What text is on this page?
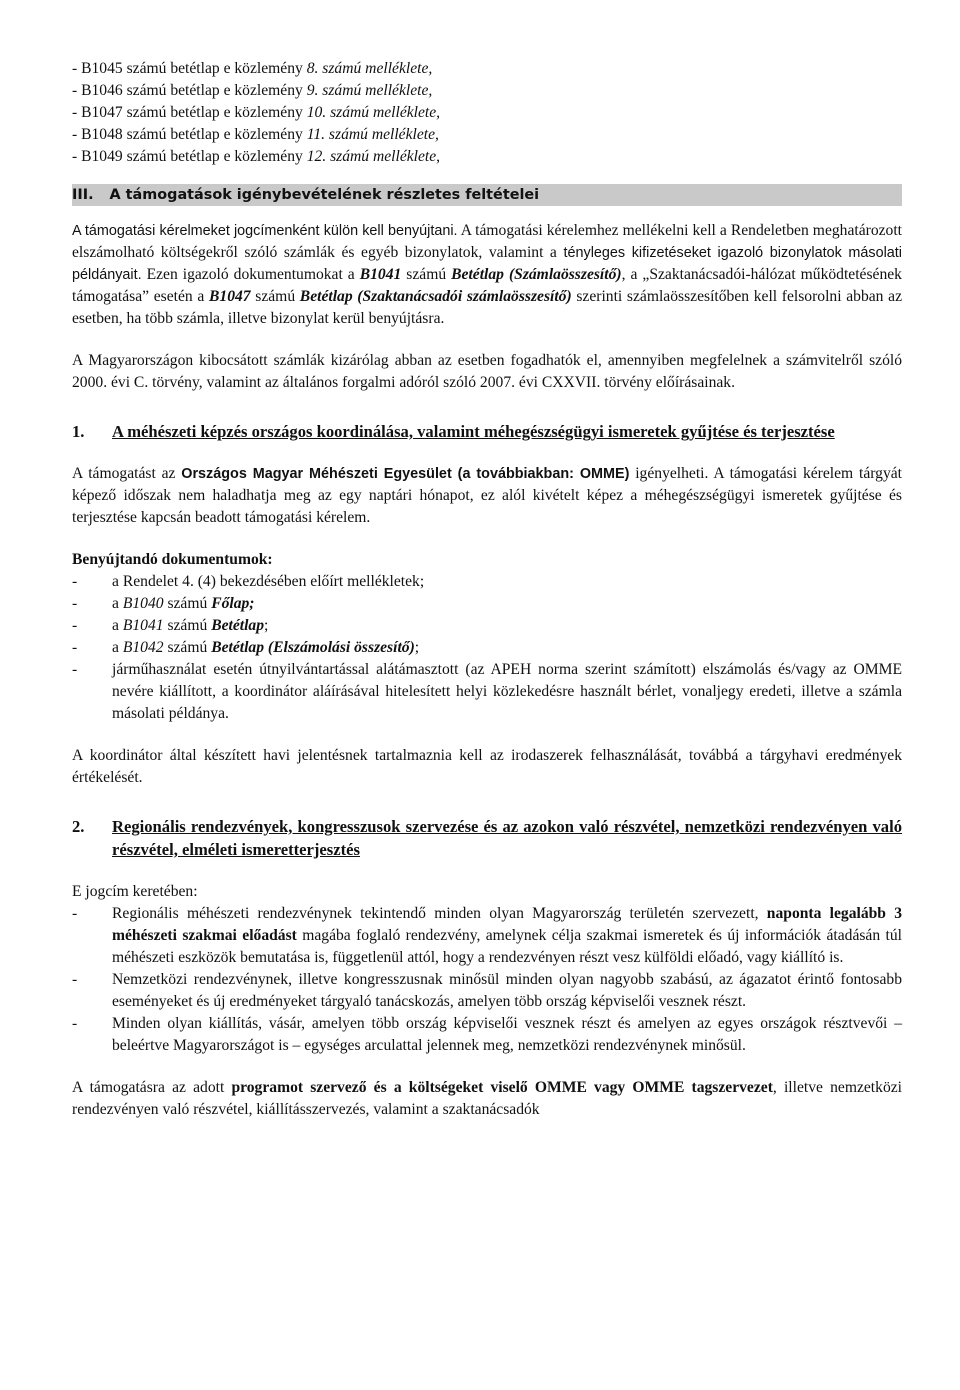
- B1045 számú betétlap e közlemény 8. számú melléklete,
- B1046 számú betétlap e közlemény 9. számú melléklete,
- B1047 számú betétlap e közlemény 10. számú melléklete,
- B1048 számú betétlap e közlemény 11. számú melléklete,
- B1049 számú betétlap e közlemény 12. számú melléklete,
III. A támogatások igénybevételének részletes feltételei

A támogatási kérelmeket jogcímenként külön kell benyújtani. A támogatási kérelemhez mellékelni kell a Rendeletben meghatározott elszámolható költségekről szóló számlák és egyéb bizonylatok, valamint a tényleges kifizetéseket igazoló bizonylatok másolati példányait. Ezen igazoló dokumentumokat a B1041 számú Betétlap (Számlaösszesítő), a „Szaktanácsadói-hálózat működtetésének támogatása” esetén a B1047 számú Betétlap (Szaktanácsadói számlaösszesítő) szerinti számlaösszesítőben kell felsorolni abban az esetben, ha több számla, illetve bizonylat kerül benyújtásra.

A Magyarországon kibocsátott számlák kizárólag abban az esetben fogadhatók el, amennyiben megfelelnek a számvitelről szóló 2000. évi C. törvény, valamint az általános forgalmi adóról szóló 2007. évi CXXVII. törvény előírásainak.

1.	A méhészeti képzés országos koordinálása, valamint méhegészségügyi ismeretek gyűjtése és terjesztése

A támogatást az Országos Magyar Méhészeti Egyesület (a továbbiakban: OMME) igényelheti. A támogatási kérelem tárgyát képező időszak nem haladhatja meg az egy naptári hónapot, ez alól kivételt képez a méhegészségügyi ismeretek gyűjtése és terjesztése kapcsán beadott támogatási kérelem.

Benyújtandó dokumentumok:
-	a Rendelet 4. (4) bekezdésében előírt mellékletek;
-	a B1040 számú Főlap;
-	a B1041 számú Betétlap;
-	a B1042 számú Betétlap (Elszámolási összesítő);
-	járműhasználat esetén útnyilvántartással alátámasztott (az APEH norma szerint számított) elszámolás és/vagy az OMME nevére kiállított, a koordinátor aláírásával hitelesített helyi közlekedésre használt bérlet, vonaljegy eredeti, illetve a számla másolati példánya.

A koordinátor által készített havi jelentésnek tartalmaznia kell az irodaszerek felhasználását, továbbá a tárgyhavi eredmények értékelését.

2.	Regionális rendezvények, kongresszusok szervezése és az azokon való részvétel, nemzetközi rendezvényen való részvétel, elméleti ismeretterjesztés
E jogcím keretében:
-	Regionális méhészeti rendezvénynek tekintendő minden olyan Magyarország területén szervezett, naponta legalább 3 méhészeti szakmai előadást magába foglaló rendezvény, amelynek célja szakmai ismeretek és új információk átadásán túl méhészeti eszközök bemutatása is, függetlenül attól, hogy a rendezvényen részt vesz külföldi előadó, vagy kiállító is.
-	Nemzetközi rendezvénynek, illetve kongresszusnak minősül minden olyan nagyobb szabású, az ágazatot érintő fontosabb eseményeket és új eredményeket tárgyaló tanácskozás, amelyen több ország képviselői vesznek részt.
-	Minden olyan kiállítás, vásár, amelyen több ország képviselői vesznek részt és amelyen az egyes országok résztvevői – beleértve Magyarországot is – egységes arculattal jelennek meg, nemzetközi rendezvénynek minősül.

A támogatásra az adott programot szervező és a költségeket viselő OMME vagy OMME tagszervezet, illetve nemzetközi rendezvényen való részvétel, kiállításszervezés, valamint a szaktanácsadók
